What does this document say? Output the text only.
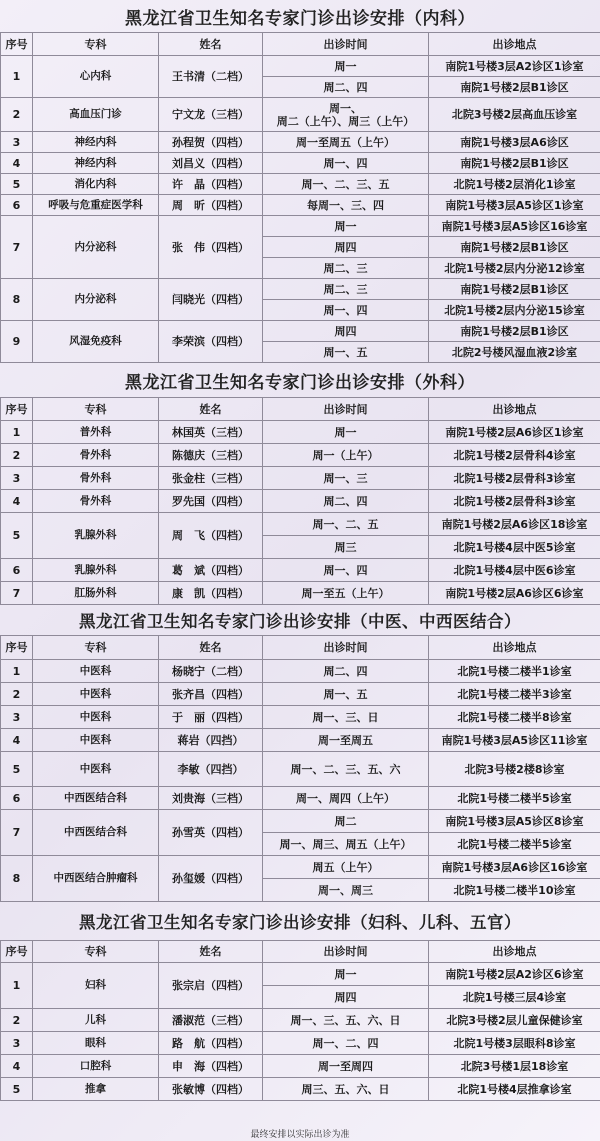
黑龙江省卫生知名专家门诊出诊安排（内科）
序号	专科	姓名	出诊时间	出诊地点
1	心内科	王书清（二档）	周一	南院1号楼3层A2诊区1诊室
			周二、四	南院1号楼2层B1诊区
2	高血压门诊	宁文龙（三档）	周一、
周二（上午）、周三（上午）	北院3号楼2层高血压诊室
3	神经内科	孙程贺（四档）	周一至周五（上午）	南院1号楼3层A6诊区
4	神经内科	刘昌义（四档）	周一、四	南院1号楼2层B1诊区
5	消化内科	许　晶（四档）	周一、二、三、五	北院1号楼2层消化1诊室
6	呼吸与危重症医学科	周　昕（四档）	每周一、三、四	南院1号楼3层A5诊区1诊室
7	内分泌科	张　伟（四档）	周一	南院1号楼3层A5诊区16诊室
			周四	南院1号楼2层B1诊区
			周二、三	北院1号楼2层内分泌12诊室
8	内分泌科	闫晓光（四档）	周二、三	南院1号楼2层B1诊区
			周一、四	北院1号楼2层内分泌15诊室
9	风湿免疫科	李荣滨（四档）	周四	南院1号楼2层B1诊区
			周一、五	北院2号楼风湿血液2诊室
黑龙江省卫生知名专家门诊出诊安排（外科）
序号	专科	姓名	出诊时间	出诊地点
1	普外科	林国英（三档）	周一	南院1号楼2层A6诊区1诊室
2	骨外科	陈德庆（三档）	周一（上午）	北院1号楼2层骨科4诊室
3	骨外科	张金柱（三档）	周一、三	北院1号楼2层骨科3诊室
4	骨外科	罗先国（四档）	周二、四	北院1号楼2层骨科3诊室
5	乳腺外科	周　飞（四档）	周一、二、五	南院1号楼2层A6诊区18诊室
			周三	北院1号楼4层中医5诊室
6	乳腺外科	葛　斌（四档）	周一、四	北院1号楼4层中医6诊室
7	肛肠外科	康　凯（四档）	周一至五（上午）	南院1号楼2层A6诊区6诊室
黑龙江省卫生知名专家门诊出诊安排（中医、中西医结合）
序号	专科	姓名	出诊时间	出诊地点
1	中医科	杨晓宁（二档）	周二、四	北院1号楼二楼半1诊室
2	中医科	张齐昌（四档）	周一、五	北院1号楼二楼半3诊室
3	中医科	于　丽（四档）	周一、三、日	北院1号楼二楼半8诊室
4	中医科	蒋岩（四挡）	周一至周五	南院1号楼3层A5诊区11诊室
5	中医科	李敏（四挡）	周一、二、三、五、六	北院3号楼2楼8诊室
6	中西医结合科	刘贵海（三档）	周一、周四（上午）	北院1号楼二楼半5诊室
7	中西医结合科	孙雪英（四档）	周二	南院1号楼3层A5诊区8诊室
			周一、周三、周五（上午）	北院1号楼二楼半5诊室
8	中西医结合肿瘤科	孙玺媛（四档）	周五（上午）	南院1号楼3层A6诊区16诊室
			周一、周三	北院1号楼二楼半10诊室
黑龙江省卫生知名专家门诊出诊安排（妇科、儿科、五官）
序号	专科	姓名	出诊时间	出诊地点
1	妇科	张宗启（四档）	周一	南院1号楼2层A2诊区6诊室
			周四	北院1号楼三层4诊室
2	儿科	潘淑范（三档）	周一、三、五、六、日	北院3号楼2层儿童保健诊室
3	眼科	路　航（四档）	周一、二、四	北院1号楼3层眼科8诊室
4	口腔科	申　海（四档）	周一至周四	北院3号楼1层18诊室
5	推拿	张敏博（四档）	周三、五、六、日	北院1号楼4层推拿诊室
最终安排以实际出诊为准
